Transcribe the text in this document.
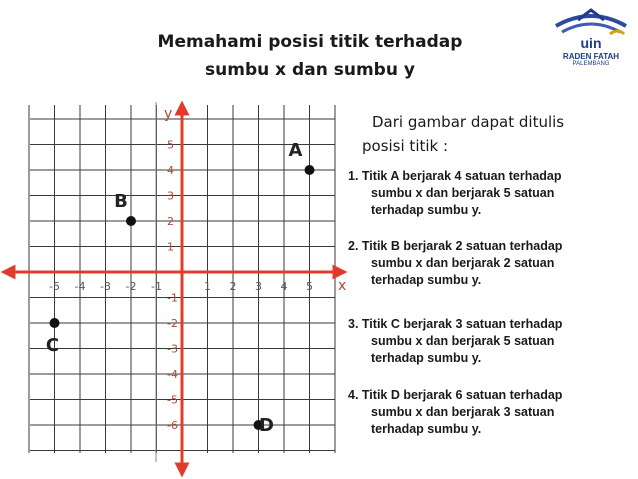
Memahami posisi titik terhadap
sumbu x dan sumbu y
uin
RADEN FATAH
PALEMBANG
x
y
-5 -4 -3 -2 -1	1 2 3 4 5
5
4
3
2
1
-1
-2
-3
-4
-5
-6
A
B
C
D
Dari gambar dapat ditulis
posisi titik :
1. Titik A berjarak 4 satuan terhadap
sumbu x dan berjarak 5 satuan
terhadap sumbu y.
2. Titik B berjarak 2 satuan terhadap
sumbu x dan berjarak 2 satuan
terhadap sumbu y.
3. Titik C berjarak 3 satuan terhadap
sumbu x dan berjarak 5 satuan
terhadap sumbu y.
4. Titik D berjarak 6 satuan terhadap
sumbu x dan berjarak 3 satuan
terhadap sumbu y.
